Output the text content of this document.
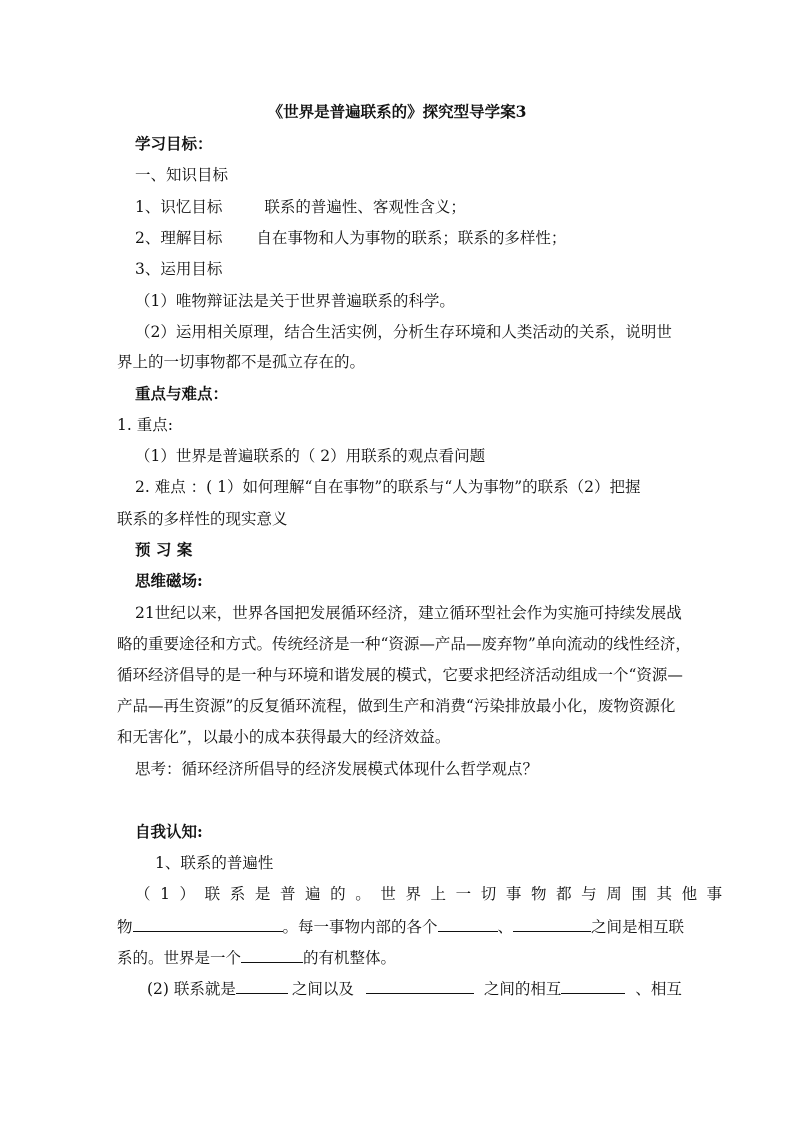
《世界是普遍联系的》探究型导学案3
学习目标：
一、知识目标
1、识忆目标	联系的普遍性、客观性含义；
2、理解目标 自在事物和人为事物的联系；联系的多样性；
3、运用目标
（1）唯物辩证法是关于世界普遍联系的科学。
（2）运用相关原理，结合生活实例，分析生存环境和人类活动的关系，说明世
界上的一切事物都不是孤立存在的。
重点与难点：
1. 重点:
（1）世界是普遍联系的（ 2）用联系的观点看问题
2. 难点 ：( 1）如何理解“自在事物”的联系与“人为事物”的联系（2）把握
联系的多样性的现实意义
预 习 案
思维磁场:
21世纪以来，世界各国把发展循环经济，建立循环型社会作为实施可持续发展战
略的重要途径和方式。传统经济是一种“资源—产品—废弃物”单向流动的线性经济，
循环经济倡导的是一种与环境和谐发展的模式，它要求把经济活动组成一个“资源—
产品—再生资源”的反复循环流程，做到生产和消费“污染排放最小化，废物资源化
和无害化”，以最小的成本获得最大的经济效益。
思考：循环经济所倡导的经济发展模式体现什么哲学观点？
自我认知:
1、联系的普遍性
（1）联系是普遍的。世界上一切事物都与周围其他事
物	。每一事物内部的各个	、	之间是相互联
系的。世界是一个	的有机整体。
(2) 联系就是	之间以及	之间的相互	、相互
